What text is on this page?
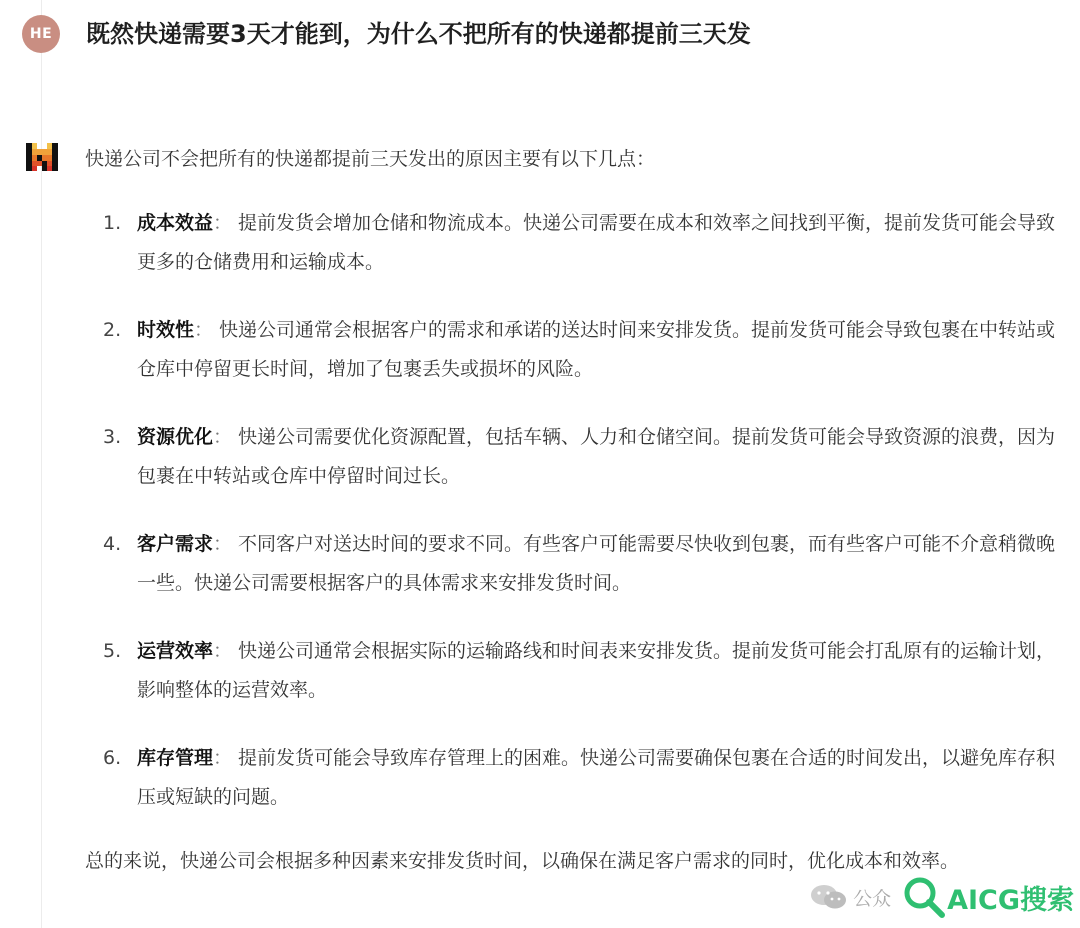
HE	既然快递需要3天才能到，为什么不把所有的快递都提前三天发
快递公司不会把所有的快递都提前三天发出的原因主要有以下几点：
1. 成本效益： 提前发货会增加仓储和物流成本。快递公司需要在成本和效率之间找到平衡，提前发货可能会导致更多的仓储费用和运输成本。
2. 时效性： 快递公司通常会根据客户的需求和承诺的送达时间来安排发货。提前发货可能会导致包裹在中转站或仓库中停留更长时间，增加了包裹丢失或损坏的风险。
3. 资源优化： 快递公司需要优化资源配置，包括车辆、人力和仓储空间。提前发货可能会导致资源的浪费，因为包裹在中转站或仓库中停留时间过长。
4. 客户需求： 不同客户对送达时间的要求不同。有些客户可能需要尽快收到包裹，而有些客户可能不介意稍微晚一些。快递公司需要根据客户的具体需求来安排发货时间。
5. 运营效率： 快递公司通常会根据实际的运输路线和时间表来安排发货。提前发货可能会打乱原有的运输计划，影响整体的运营效率。
6. 库存管理： 提前发货可能会导致库存管理上的困难。快递公司需要确保包裹在合适的时间发出，以避免库存积压或短缺的问题。
总的来说，快递公司会根据多种因素来安排发货时间，以确保在满足客户需求的同时，优化成本和效率。
公众 AICG搜索
